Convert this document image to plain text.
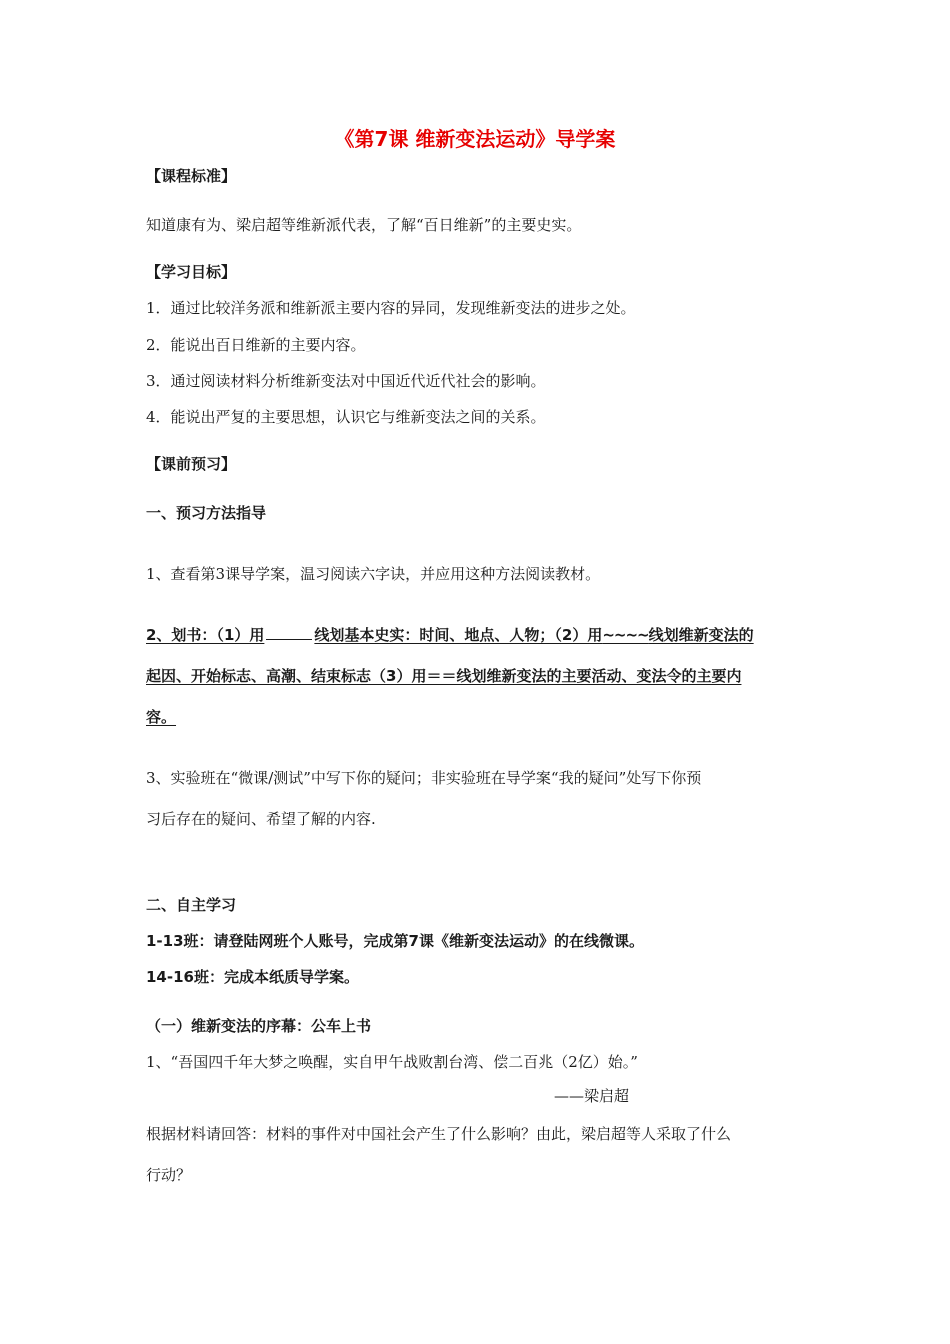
《第7课 维新变法运动》导学案
【课程标准】
知道康有为、梁启超等维新派代表，了解“百日维新”的主要史实。
【学习目标】
1．通过比较洋务派和维新派主要内容的异同，发现维新变法的进步之处。
2．能说出百日维新的主要内容。
3．通过阅读材料分析维新变法对中国近代近代社会的影响。
4．能说出严复的主要思想，认识它与维新变法之间的关系。
【课前预习】
一、预习方法指导
1、查看第3课导学案，温习阅读六字诀，并应用这种方法阅读教材。
2、划书：（1）用	线划基本史实：时间、地点、人物；（2）用~~~~线划维新变法的
起因、开始标志、高潮、结束标志（3）用＝＝线划维新变法的主要活动、变法令的主要内
容。
3、实验班在“微课/测试”中写下你的疑问；非实验班在导学案“我的疑问”处写下你预
习后存在的疑问、希望了解的内容.
二、自主学习
1-13班：请登陆网班个人账号，完成第7课《维新变法运动》的在线微课。
14-16班：完成本纸质导学案。
（一）维新变法的序幕：公车上书
1、“吾国四千年大梦之唤醒，实自甲午战败割台湾、偿二百兆（2亿）始。”
——梁启超
根据材料请回答：材料的事件对中国社会产生了什么影响？由此，梁启超等人采取了什么
行动？
